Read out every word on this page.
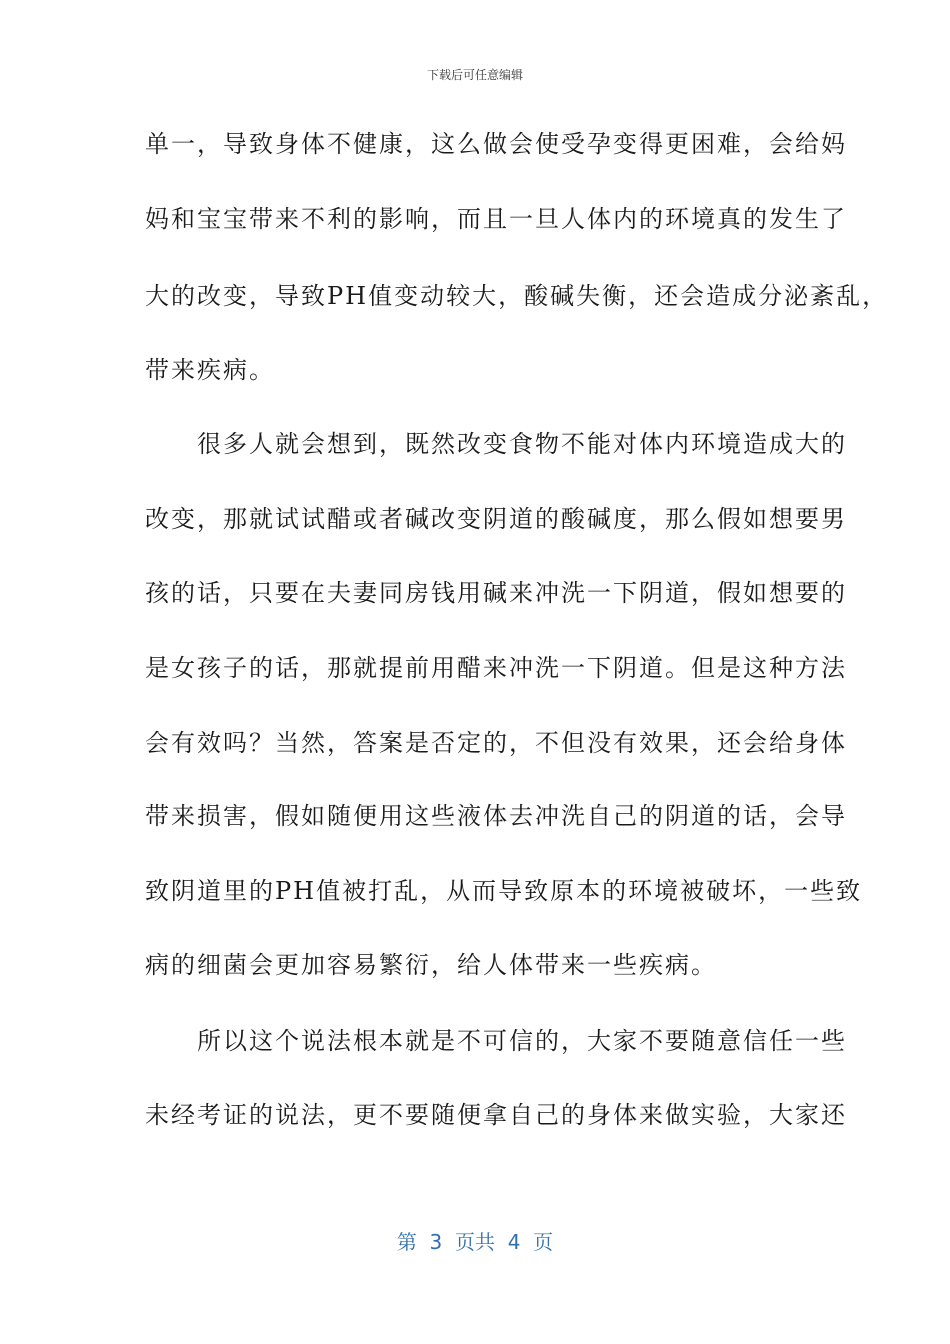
下载后可任意编辑
单一，导致身体不健康，这么做会使受孕变得更困难，会给妈
妈和宝宝带来不利的影响，而且一旦人体内的环境真的发生了
大的改变，导致PH值变动较大，酸碱失衡，还会造成分泌紊乱，
带来疾病。
　　很多人就会想到，既然改变食物不能对体内环境造成大的
改变，那就试试醋或者碱改变阴道的酸碱度，那么假如想要男
孩的话，只要在夫妻同房钱用碱来冲洗一下阴道，假如想要的
是女孩子的话，那就提前用醋来冲洗一下阴道。但是这种方法
会有效吗？当然，答案是否定的，不但没有效果，还会给身体
带来损害，假如随便用这些液体去冲洗自己的阴道的话，会导
致阴道里的PH值被打乱，从而导致原本的环境被破坏，一些致
病的细菌会更加容易繁衍，给人体带来一些疾病。
　　所以这个说法根本就是不可信的，大家不要随意信任一些
未经考证的说法，更不要随便拿自己的身体来做实验，大家还
第  3  页共  4  页
